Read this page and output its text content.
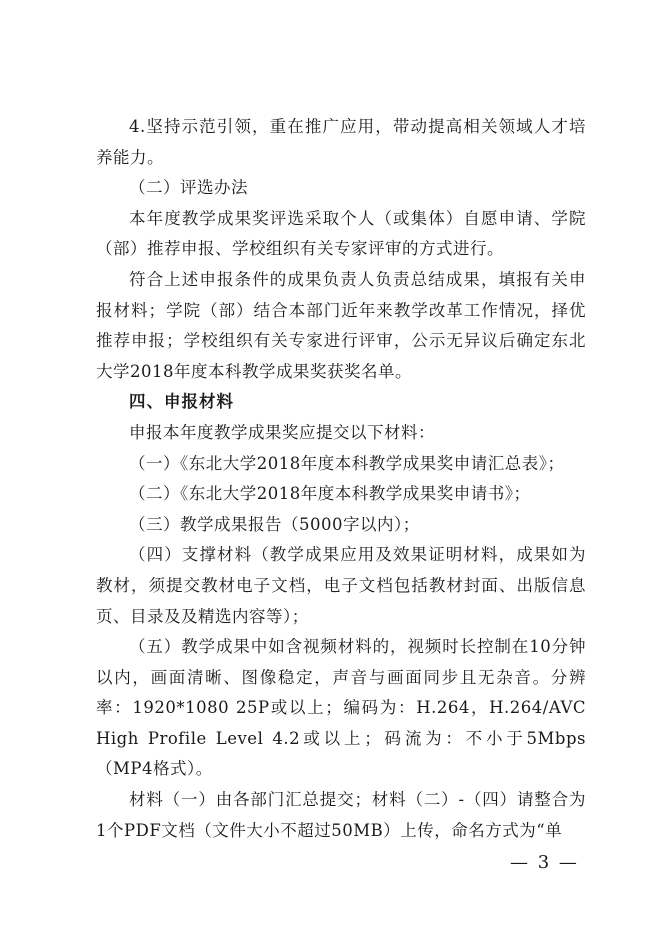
4.坚持示范引领，重在推广应用，带动提高相关领域人才培养能力。

（二）评选办法

本年度教学成果奖评选采取个人（或集体）自愿申请、学院（部）推荐申报、学校组织有关专家评审的方式进行。

符合上述申报条件的成果负责人负责总结成果，填报有关申报材料；学院（部）结合本部门近年来教学改革工作情况，择优推荐申报；学校组织有关专家进行评审，公示无异议后确定东北大学2018年度本科教学成果奖获奖名单。

四、申报材料

申报本年度教学成果奖应提交以下材料：

（一）《东北大学2018年度本科教学成果奖申请汇总表》；

（二）《东北大学2018年度本科教学成果奖申请书》；

（三）教学成果报告（5000字以内）；

（四）支撑材料（教学成果应用及效果证明材料，成果如为教材，须提交教材电子文档，电子文档包括教材封面、出版信息页、目录及及精选内容等）；

（五）教学成果中如含视频材料的，视频时长控制在10分钟以内，画面清晰、图像稳定，声音与画面同步且无杂音。分辨率：1920*1080 25P或以上；编码为：H.264，H.264/AVC High Profile Level 4.2或以上；码流为：不小于5Mbps（MP4格式）。

材料（一）由各部门汇总提交；材料（二）-（四）请整合为1个PDF文档（文件大小不超过50MB）上传，命名方式为“单

— 3 —
